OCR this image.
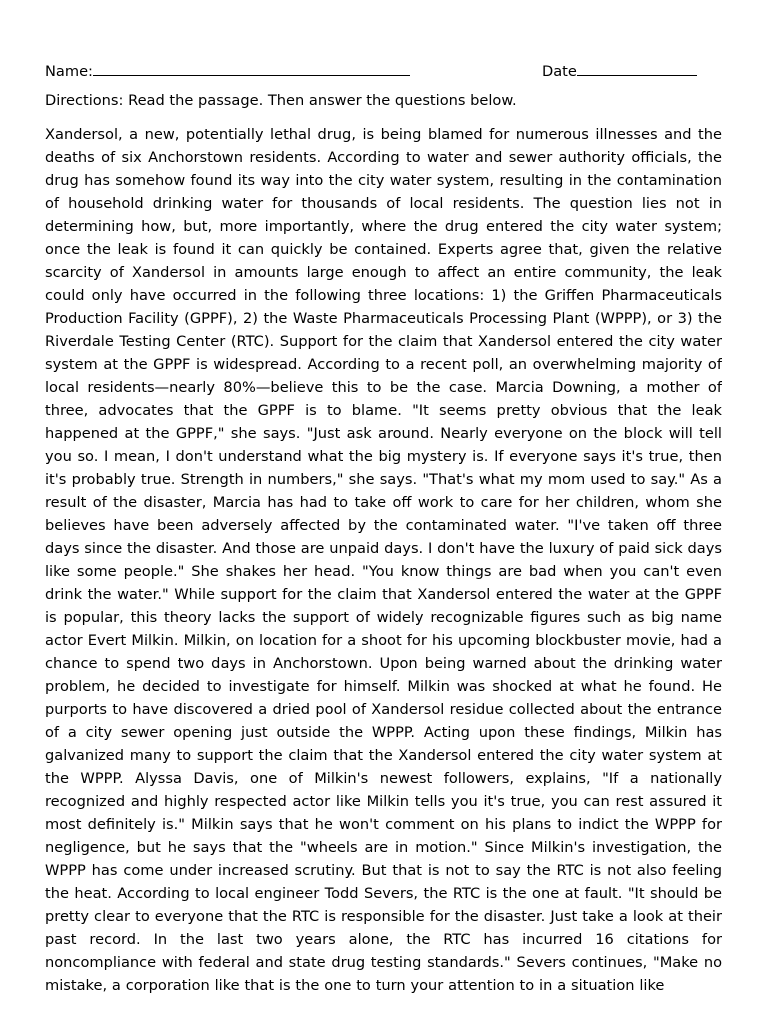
Name:	Date
Directions: Read the passage. Then answer the questions below.

Xandersol, a new, potentially lethal drug, is being blamed for numerous illnesses and the deaths of six Anchorstown residents. According to water and sewer authority officials, the drug has somehow found its way into the city water system, resulting in the contamination of household drinking water for thousands of local residents. The question lies not in determining how, but, more importantly, where the drug entered the city water system; once the leak is found it can quickly be contained. Experts agree that, given the relative scarcity of Xandersol in amounts large enough to affect an entire community, the leak could only have occurred in the following three locations: 1) the Griffen Pharmaceuticals Production Facility (GPPF), 2) the Waste Pharmaceuticals Processing Plant (WPPP), or 3) the Riverdale Testing Center (RTC). Support for the claim that Xandersol entered the city water system at the GPPF is widespread. According to a recent poll, an overwhelming majority of local residents—nearly 80%—believe this to be the case. Marcia Downing, a mother of three, advocates that the GPPF is to blame. "It seems pretty obvious that the leak happened at the GPPF," she says. "Just ask around. Nearly everyone on the block will tell you so. I mean, I don't understand what the big mystery is. If everyone says it's true, then it's probably true. Strength in numbers," she says. "That's what my mom used to say." As a result of the disaster, Marcia has had to take off work to care for her children, whom she believes have been adversely affected by the contaminated water. "I've taken off three days since the disaster. And those are unpaid days. I don't have the luxury of paid sick days like some people." She shakes her head. "You know things are bad when you can't even drink the water." While support for the claim that Xandersol entered the water at the GPPF is popular, this theory lacks the support of widely recognizable figures such as big name actor Evert Milkin. Milkin, on location for a shoot for his upcoming blockbuster movie, had a chance to spend two days in Anchorstown. Upon being warned about the drinking water problem, he decided to investigate for himself. Milkin was shocked at what he found. He purports to have discovered a dried pool of Xandersol residue collected about the entrance of a city sewer opening just outside the WPPP. Acting upon these findings, Milkin has galvanized many to support the claim that the Xandersol entered the city water system at the WPPP. Alyssa Davis, one of Milkin's newest followers, explains, "If a nationally recognized and highly respected actor like Milkin tells you it's true, you can rest assured it most definitely is." Milkin says that he won't comment on his plans to indict the WPPP for negligence, but he says that the "wheels are in motion." Since Milkin's investigation, the WPPP has come under increased scrutiny. But that is not to say the RTC is not also feeling the heat. According to local engineer Todd Severs, the RTC is the one at fault. "It should be pretty clear to everyone that the RTC is responsible for the disaster. Just take a look at their past record. In the last two years alone, the RTC has incurred 16 citations for noncompliance with federal and state drug testing standards." Severs continues, "Make no mistake, a corporation like that is the one to turn your attention to in a situation like
